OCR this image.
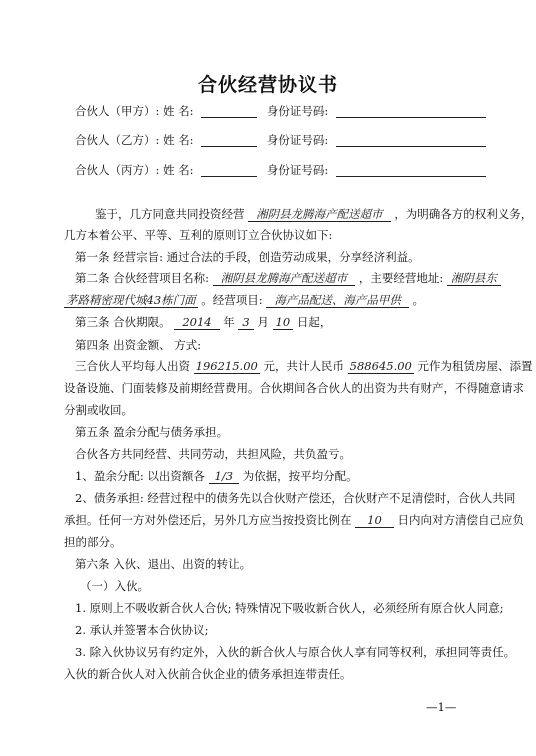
合伙经营协议书
合伙人（甲方）: 姓 名:	身份证号码:
合伙人（乙方）: 姓 名:	身份证号码:
合伙人（丙方）: 姓 名:	身份证号码:
鉴于，几方同意共同投资经营 湘阴县龙腾海产配送超市 ，为明确各方的权利义务，
几方本着公平、平等、互利的原则订立合伙协议如下:
第一条 经营宗旨: 通过合法的手段，创造劳动成果，分享经济利益。
第二条 合伙经营项目名称: 湘阴县龙腾海产配送超市 ，主要经营地址: 湘阴县东
茅路精密现代城43栋门面 。经营项目: 海产品配送、海产品甲供 。
第三条 合伙期限。 2014 年 3 月 10 日起，
第四条 出资金额、 方式:
三合伙人平均每人出资 196215.00 元，共计人民币 588645.00 元作为租赁房屋、添置
设备设施、门面装修及前期经营费用。合伙期间各合伙人的出资为共有财产，不得随意请求
分割或收回。
第五条 盈余分配与债务承担。
合伙各方共同经营、共同劳动，共担风险，共负盈亏。
1、盈余分配: 以出资额各 1/3 为依据，按平均分配。
2、债务承担: 经营过程中的债务先以合伙财产偿还，合伙财产不足清偿时，合伙人共同
承担。任何一方对外偿还后，另外几方应当按投资比例在 10 日内向对方清偿自己应负
担的部分。
第六条 入伙、退出、出资的转让。
（一）入伙。
1. 原则上不吸收新合伙人合伙; 特殊情况下吸收新合伙人，必须经所有原合伙人同意;
2. 承认并签署本合伙协议;
3. 除入伙协议另有约定外，入伙的新合伙人与原合伙人享有同等权利，承担同等责任。
入伙的新合伙人对入伙前合伙企业的债务承担连带责任。
—1—
